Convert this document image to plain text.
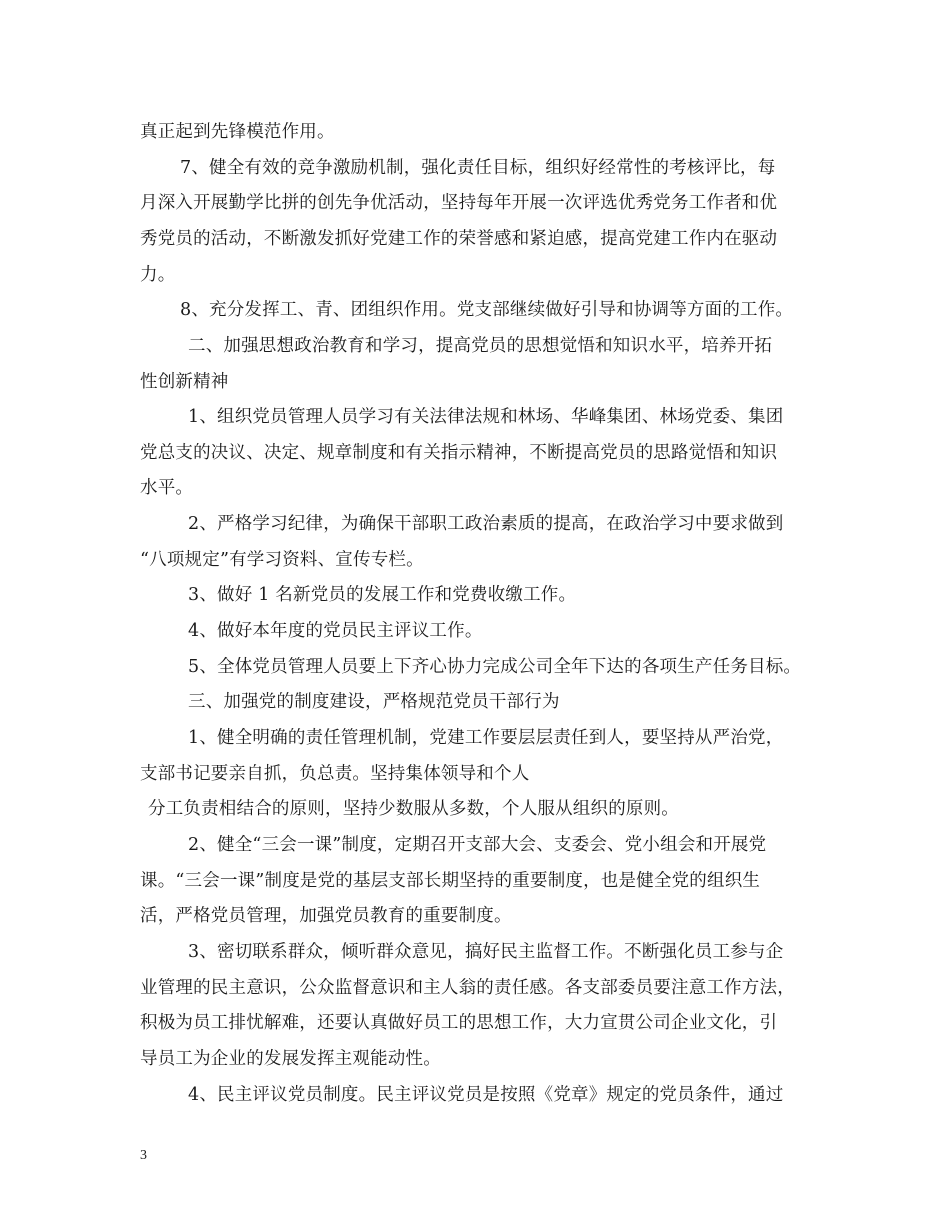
真正起到先锋模范作用。
7、健全有效的竞争激励机制，强化责任目标，组织好经常性的考核评比，每
月深入开展勤学比拼的创先争优活动，坚持每年开展一次评选优秀党务工作者和优
秀党员的活动，不断激发抓好党建工作的荣誉感和紧迫感，提高党建工作内在驱动
力。
8、充分发挥工、青、团组织作用。党支部继续做好引导和协调等方面的工作。
二、加强思想政治教育和学习，提高党员的思想觉悟和知识水平，培养开拓
性创新精神
1、组织党员管理人员学习有关法律法规和林场、华峰集团、林场党委、集团
党总支的决议、决定、规章制度和有关指示精神，不断提高党员的思路觉悟和知识
水平。
2、严格学习纪律，为确保干部职工政治素质的提高，在政治学习中要求做到
“八项规定”有学习资料、宣传专栏。
3、做好 1 名新党员的发展工作和党费收缴工作。
4、做好本年度的党员民主评议工作。
5、全体党员管理人员要上下齐心协力完成公司全年下达的各项生产任务目标。
三、加强党的制度建设，严格规范党员干部行为
1、健全明确的责任管理机制，党建工作要层层责任到人，要坚持从严治党，
支部书记要亲自抓，负总责。坚持集体领导和个人
分工负责相结合的原则，坚持少数服从多数，个人服从组织的原则。
2、健全“三会一课”制度，定期召开支部大会、支委会、党小组会和开展党
课。“三会一课”制度是党的基层支部长期坚持的重要制度，也是健全党的组织生
活，严格党员管理，加强党员教育的重要制度。
3、密切联系群众，倾听群众意见，搞好民主监督工作。不断强化员工参与企
业管理的民主意识，公众监督意识和主人翁的责任感。各支部委员要注意工作方法，
积极为员工排忧解难，还要认真做好员工的思想工作，大力宣贯公司企业文化，引
导员工为企业的发展发挥主观能动性。
4、民主评议党员制度。民主评议党员是按照《党章》规定的党员条件，通过
3
